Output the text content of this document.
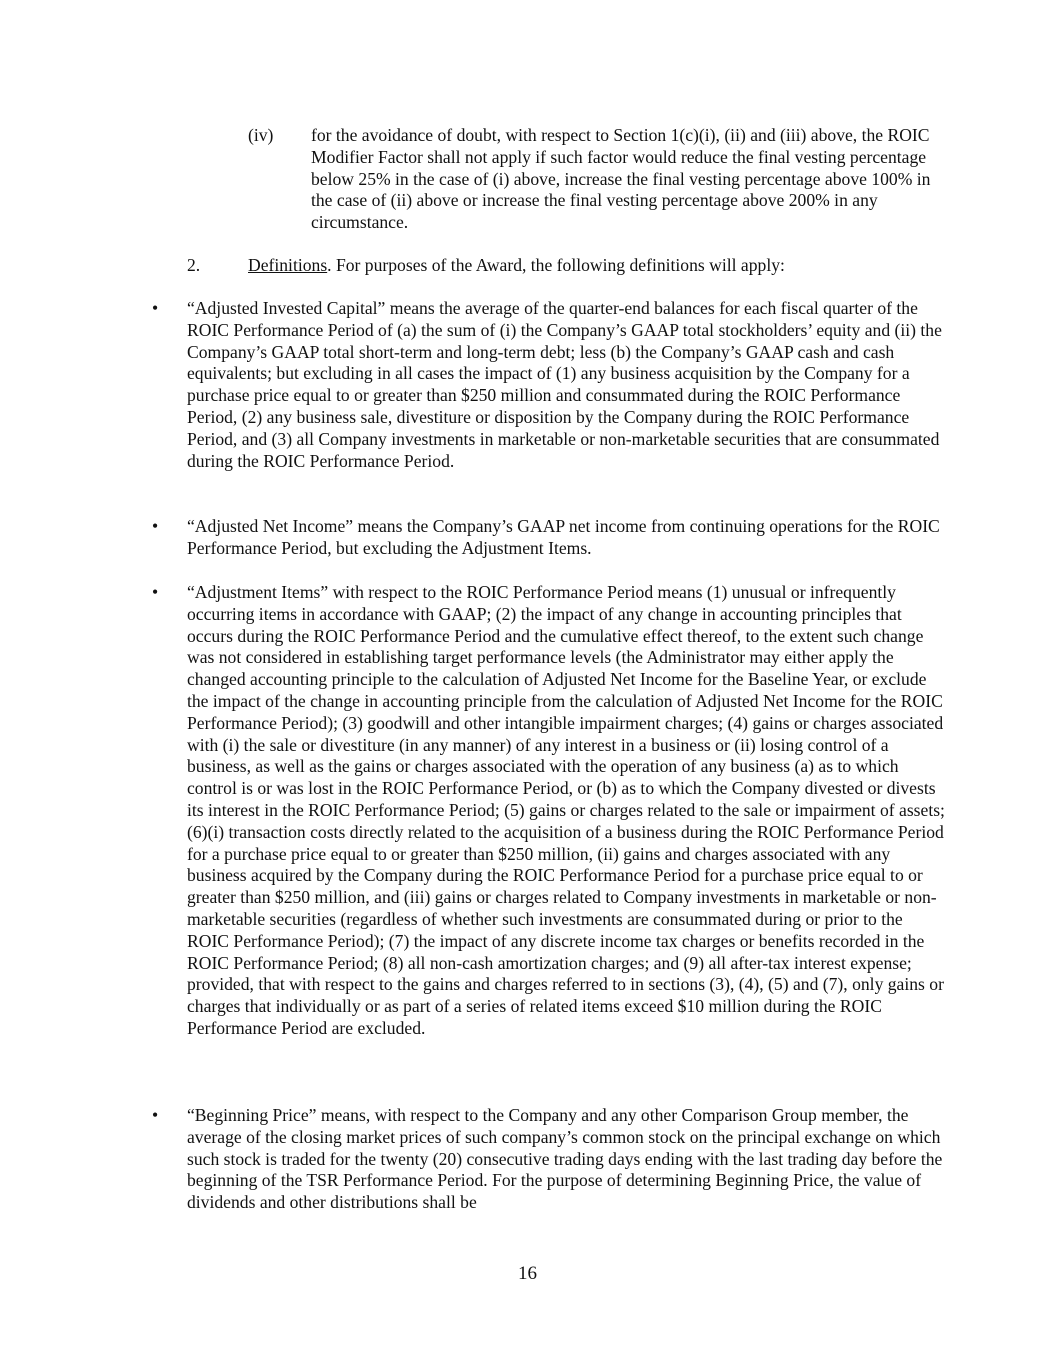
(iv) for the avoidance of doubt, with respect to Section 1(c)(i), (ii) and (iii) above, the ROIC Modifier Factor shall not apply if such factor would reduce the final vesting percentage below 25% in the case of (i) above, increase the final vesting percentage above 100% in the case of (ii) above or increase the final vesting percentage above 200% in any circumstance.

2.	Definitions. For purposes of the Award, the following definitions will apply:

•	“Adjusted Invested Capital” means the average of the quarter-end balances for each fiscal quarter of the ROIC Performance Period of (a) the sum of (i) the Company’s GAAP total stockholders’ equity and (ii) the Company’s GAAP total short-term and long-term debt; less (b) the Company’s GAAP cash and cash equivalents; but excluding in all cases the impact of (1) any business acquisition by the Company for a purchase price equal to or greater than $250 million and consummated during the ROIC Performance Period, (2) any business sale, divestiture or disposition by the Company during the ROIC Performance Period, and (3) all Company investments in marketable or non-marketable securities that are consummated during the ROIC Performance Period.

•	“Adjusted Net Income” means the Company’s GAAP net income from continuing operations for the ROIC Performance Period, but excluding the Adjustment Items.

•	“Adjustment Items” with respect to the ROIC Performance Period means (1) unusual or infrequently occurring items in accordance with GAAP; (2) the impact of any change in accounting principles that occurs during the ROIC Performance Period and the cumulative effect thereof, to the extent such change was not considered in establishing target performance levels (the Administrator may either apply the changed accounting principle to the calculation of Adjusted Net Income for the Baseline Year, or exclude the impact of the change in accounting principle from the calculation of Adjusted Net Income for the ROIC Performance Period); (3) goodwill and other intangible impairment charges; (4) gains or charges associated with (i) the sale or divestiture (in any manner) of any interest in a business or (ii) losing control of a business, as well as the gains or charges associated with the operation of any business (a) as to which control is or was lost in the ROIC Performance Period, or (b) as to which the Company divested or divests its interest in the ROIC Performance Period; (5) gains or charges related to the sale or impairment of assets; (6)(i) transaction costs directly related to the acquisition of a business during the ROIC Performance Period for a purchase price equal to or greater than $250 million, (ii) gains and charges associated with any business acquired by the Company during the ROIC Performance Period for a purchase price equal to or greater than $250 million, and (iii) gains or charges related to Company investments in marketable or non-marketable securities (regardless of whether such investments are consummated during or prior to the ROIC Performance Period); (7) the impact of any discrete income tax charges or benefits recorded in the ROIC Performance Period; (8) all non-cash amortization charges; and (9) all after-tax interest expense; provided, that with respect to the gains and charges referred to in sections (3), (4), (5) and (7), only gains or charges that individually or as part of a series of related items exceed $10 million during the ROIC Performance Period are excluded.

•	“Beginning Price” means, with respect to the Company and any other Comparison Group member, the average of the closing market prices of such company’s common stock on the principal exchange on which such stock is traded for the twenty (20) consecutive trading days ending with the last trading day before the beginning of the TSR Performance Period. For the purpose of determining Beginning Price, the value of dividends and other distributions shall be

16
